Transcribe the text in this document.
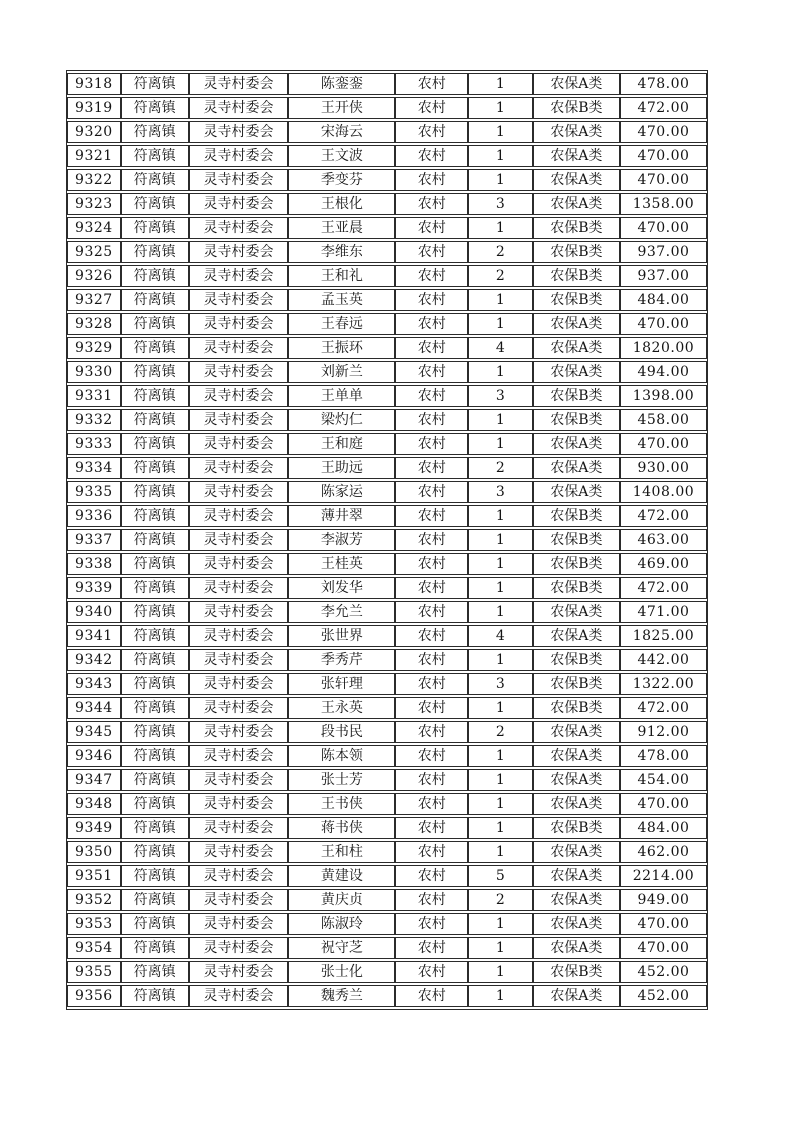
9318	符离镇	灵寺村委会	陈銮銮	农村	1	农保A类	478.00
9319	符离镇	灵寺村委会	王开侠	农村	1	农保B类	472.00
9320	符离镇	灵寺村委会	宋海云	农村	1	农保A类	470.00
9321	符离镇	灵寺村委会	王文波	农村	1	农保A类	470.00
9322	符离镇	灵寺村委会	季变芬	农村	1	农保A类	470.00
9323	符离镇	灵寺村委会	王根化	农村	3	农保A类	1358.00
9324	符离镇	灵寺村委会	王亚晨	农村	1	农保B类	470.00
9325	符离镇	灵寺村委会	李维东	农村	2	农保B类	937.00
9326	符离镇	灵寺村委会	王和礼	农村	2	农保B类	937.00
9327	符离镇	灵寺村委会	孟玉英	农村	1	农保B类	484.00
9328	符离镇	灵寺村委会	王春远	农村	1	农保A类	470.00
9329	符离镇	灵寺村委会	王振环	农村	4	农保A类	1820.00
9330	符离镇	灵寺村委会	刘新兰	农村	1	农保A类	494.00
9331	符离镇	灵寺村委会	王单单	农村	3	农保B类	1398.00
9332	符离镇	灵寺村委会	梁灼仁	农村	1	农保B类	458.00
9333	符离镇	灵寺村委会	王和庭	农村	1	农保A类	470.00
9334	符离镇	灵寺村委会	王助远	农村	2	农保A类	930.00
9335	符离镇	灵寺村委会	陈家运	农村	3	农保A类	1408.00
9336	符离镇	灵寺村委会	薄井翠	农村	1	农保B类	472.00
9337	符离镇	灵寺村委会	李淑芳	农村	1	农保B类	463.00
9338	符离镇	灵寺村委会	王桂英	农村	1	农保B类	469.00
9339	符离镇	灵寺村委会	刘发华	农村	1	农保B类	472.00
9340	符离镇	灵寺村委会	李允兰	农村	1	农保A类	471.00
9341	符离镇	灵寺村委会	张世界	农村	4	农保A类	1825.00
9342	符离镇	灵寺村委会	季秀芹	农村	1	农保B类	442.00
9343	符离镇	灵寺村委会	张轩理	农村	3	农保B类	1322.00
9344	符离镇	灵寺村委会	王永英	农村	1	农保B类	472.00
9345	符离镇	灵寺村委会	段书民	农村	2	农保A类	912.00
9346	符离镇	灵寺村委会	陈本领	农村	1	农保A类	478.00
9347	符离镇	灵寺村委会	张士芳	农村	1	农保A类	454.00
9348	符离镇	灵寺村委会	王书侠	农村	1	农保A类	470.00
9349	符离镇	灵寺村委会	蒋书侠	农村	1	农保B类	484.00
9350	符离镇	灵寺村委会	王和柱	农村	1	农保A类	462.00
9351	符离镇	灵寺村委会	黄建设	农村	5	农保A类	2214.00
9352	符离镇	灵寺村委会	黄庆贞	农村	2	农保A类	949.00
9353	符离镇	灵寺村委会	陈淑玲	农村	1	农保A类	470.00
9354	符离镇	灵寺村委会	祝守芝	农村	1	农保A类	470.00
9355	符离镇	灵寺村委会	张士化	农村	1	农保B类	452.00
9356	符离镇	灵寺村委会	魏秀兰	农村	1	农保A类	452.00
